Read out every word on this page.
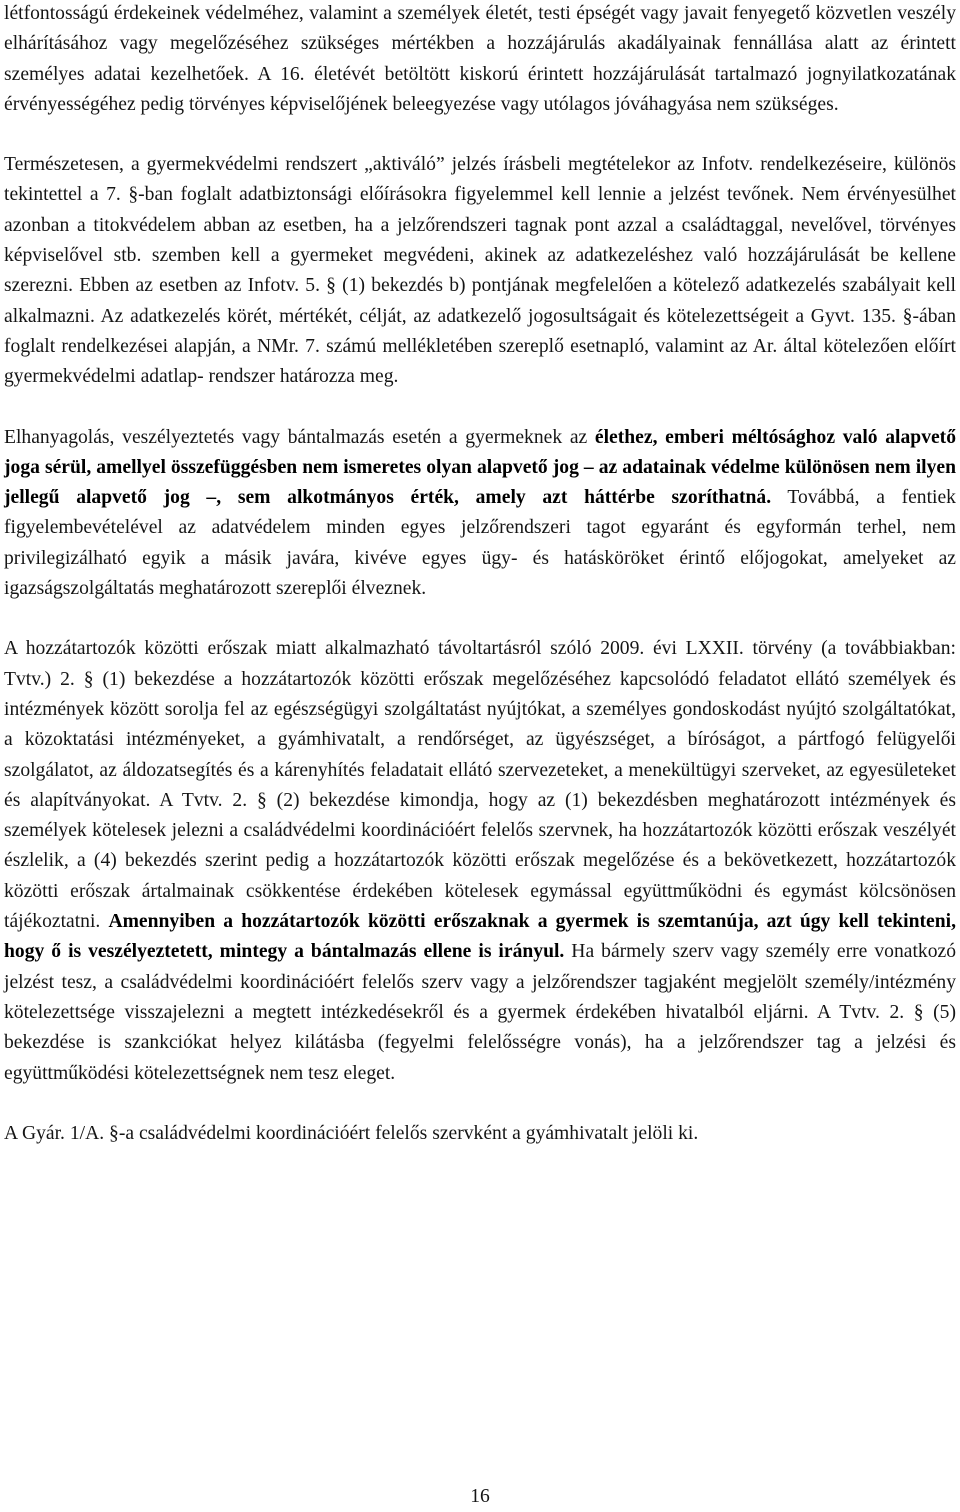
létfontosságú érdekeinek védelméhez, valamint a személyek életét, testi épségét vagy javait fenyegető közvetlen veszély elhárításához vagy megelőzéséhez szükséges mértékben a hozzájárulás akadályainak fennállása alatt az érintett személyes adatai kezelhetőek. A 16. életévét betöltött kiskorú érintett hozzájárulását tartalmazó jognyilatkozatának érvényességéhez pedig törvényes képviselőjének beleegyezése vagy utólagos jóváhagyása nem szükséges.

Természetesen, a gyermekvédelmi rendszert „aktiváló” jelzés írásbeli megtételekor az Infotv. rendelkezéseire, különös tekintettel a 7. §-ban foglalt adatbiztonsági előírásokra figyelemmel kell lennie a jelzést tevőnek. Nem érvényesülhet azonban a titokvédelem abban az esetben, ha a jelzőrendszeri tagnak pont azzal a családtaggal, nevelővel, törvényes képviselővel stb. szemben kell a gyermeket megvédeni, akinek az adatkezeléshez való hozzájárulását be kellene szerezni. Ebben az esetben az Infotv. 5. § (1) bekezdés b) pontjának megfelelően a kötelező adatkezelés szabályait kell alkalmazni. Az adatkezelés körét, mértékét, célját, az adatkezelő jogosultságait és kötelezettségeit a Gyvt. 135. §-ában foglalt rendelkezései alapján, a NMr. 7. számú mellékletében szereplő esetnapló, valamint az Ar. által kötelezően előírt gyermekvédelmi adatlap- rendszer határozza meg.

Elhanyagolás, veszélyeztetés vagy bántalmazás esetén a gyermeknek az élethez, emberi méltósághoz való alapvető joga sérül, amellyel összefüggésben nem ismeretes olyan alapvető jog – az adatainak védelme különösen nem ilyen jellegű alapvető jog –, sem alkotmányos érték, amely azt háttérbe szoríthatná. Továbbá, a fentiek figyelembevételével az adatvédelem minden egyes jelzőrendszeri tagot egyaránt és egyformán terhel, nem privilegizálható egyik a másik javára, kivéve egyes ügy- és hatásköröket érintő előjogokat, amelyeket az igazságszolgáltatás meghatározott szereplői élveznek.

A hozzátartozók közötti erőszak miatt alkalmazható távoltartásról szóló 2009. évi LXXII. törvény (a továbbiakban: Tvtv.) 2. § (1) bekezdése a hozzátartozók közötti erőszak megelőzéséhez kapcsolódó feladatot ellátó személyek és intézmények között sorolja fel az egészségügyi szolgáltatást nyújtókat, a személyes gondoskodást nyújtó szolgáltatókat, a közoktatási intézményeket, a gyámhivatalt, a rendőrséget, az ügyészséget, a bíróságot, a pártfogó felügyelői szolgálatot, az áldozatsegítés és a kárenyhítés feladatait ellátó szervezeteket, a menekültügyi szerveket, az egyesületeket és alapítványokat. A Tvtv. 2. § (2) bekezdése kimondja, hogy az (1) bekezdésben meghatározott intézmények és személyek kötelesek jelezni a családvédelmi koordinációért felelős szervnek, ha hozzátartozók közötti erőszak veszélyét észlelik, a (4) bekezdés szerint pedig a hozzátartozók közötti erőszak megelőzése és a bekövetkezett, hozzátartozók közötti erőszak ártalmainak csökkentése érdekében kötelesek egymással együttműködni és egymást kölcsönösen tájékoztatni. Amennyiben a hozzátartozók közötti erőszaknak a gyermek is szemtanúja, azt úgy kell tekinteni, hogy ő is veszélyeztetett, mintegy a bántalmazás ellene is irányul. Ha bármely szerv vagy személy erre vonatkozó jelzést tesz, a családvédelmi koordinációért felelős szerv vagy a jelzőrendszer tagjaként megjelölt személy/intézmény kötelezettsége visszajelezni a megtett intézkedésekről és a gyermek érdekében hivatalból eljárni. A Tvtv. 2. § (5) bekezdése is szankciókat helyez kilátásba (fegyelmi felelősségre vonás), ha a jelzőrendszer tag a jelzési és együttműködési kötelezettségnek nem tesz eleget.

A Gyár. 1/A. §-a családvédelmi koordinációért felelős szervként a gyámhivatalt jelöli ki.

16
